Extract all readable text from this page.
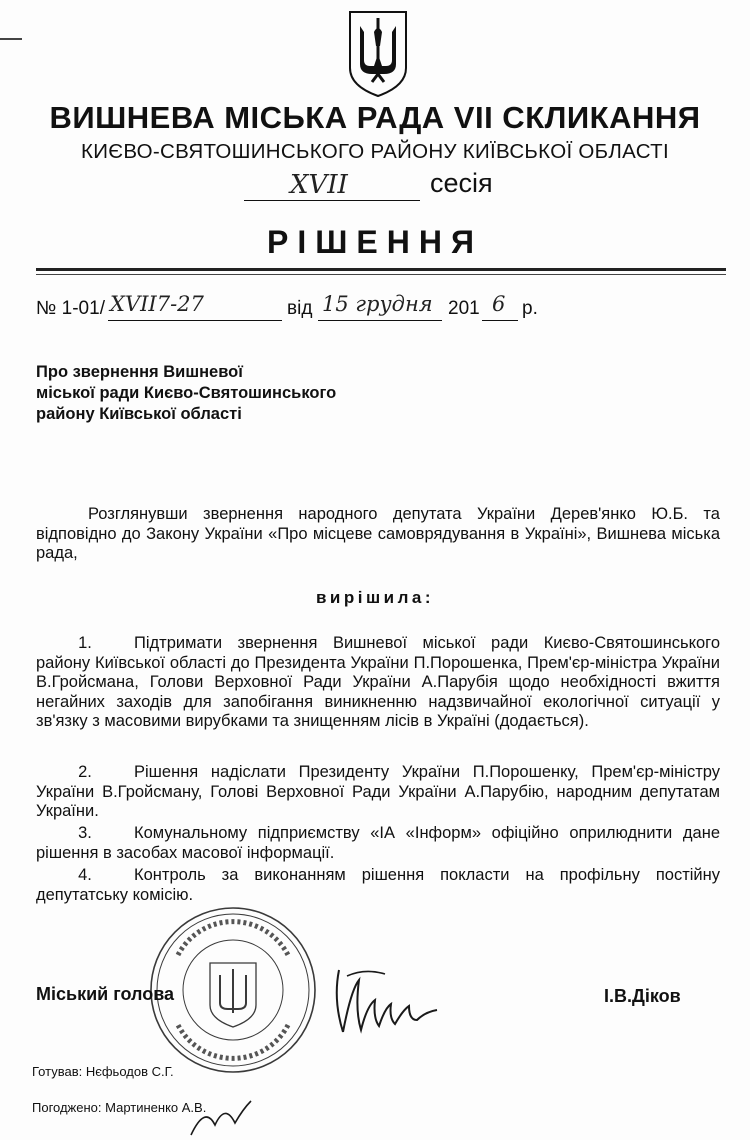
ВИШНЕВА МІСЬКА РАДА VII СКЛИКАННЯ
КИЄВО-СВЯТОШИНСЬКОГО РАЙОНУ КИЇВСЬКОЇ ОБЛАСТІ
XVII	сесія
РІШЕННЯ
№ 1-01/ XVII7-27	від 15 грудня 201 6 р.
Про звернення Вишневої
міської ради Києво-Святошинського
району Київської області
Розглянувши звернення народного депутата України Дерев'янко Ю.Б. та відповідно до Закону України «Про місцеве самоврядування в Україні», Вишнева міська рада,
вирішила:
1.	Підтримати звернення Вишневої міської ради Києво-Святошинського району Київської області до Президента України П.Порошенка, Прем'єр-міністра України В.Гройсмана, Голови Верховної Ради України А.Парубія щодо необхідності вжиття негайних заходів для запобігання виникненню надзвичайної екологічної ситуації у зв'язку з масовими вирубками та знищенням лісів в Україні (додається).
2.	Рішення надіслати Президенту України П.Порошенку, Прем'єр-міністру України В.Гройсману, Голові Верховної Ради України А.Парубію, народним депутатам України.
3.	Комунальному підприємству «ІА «Інформ» офіційно оприлюднити дане рішення в засобах масової інформації.
4.	Контроль за виконанням рішення покласти на профільну постійну депутатську комісію.
Міський голова	І.В.Діков
Готував: Нєфьодов С.Г.
Погоджено: Мартиненко А.В.
